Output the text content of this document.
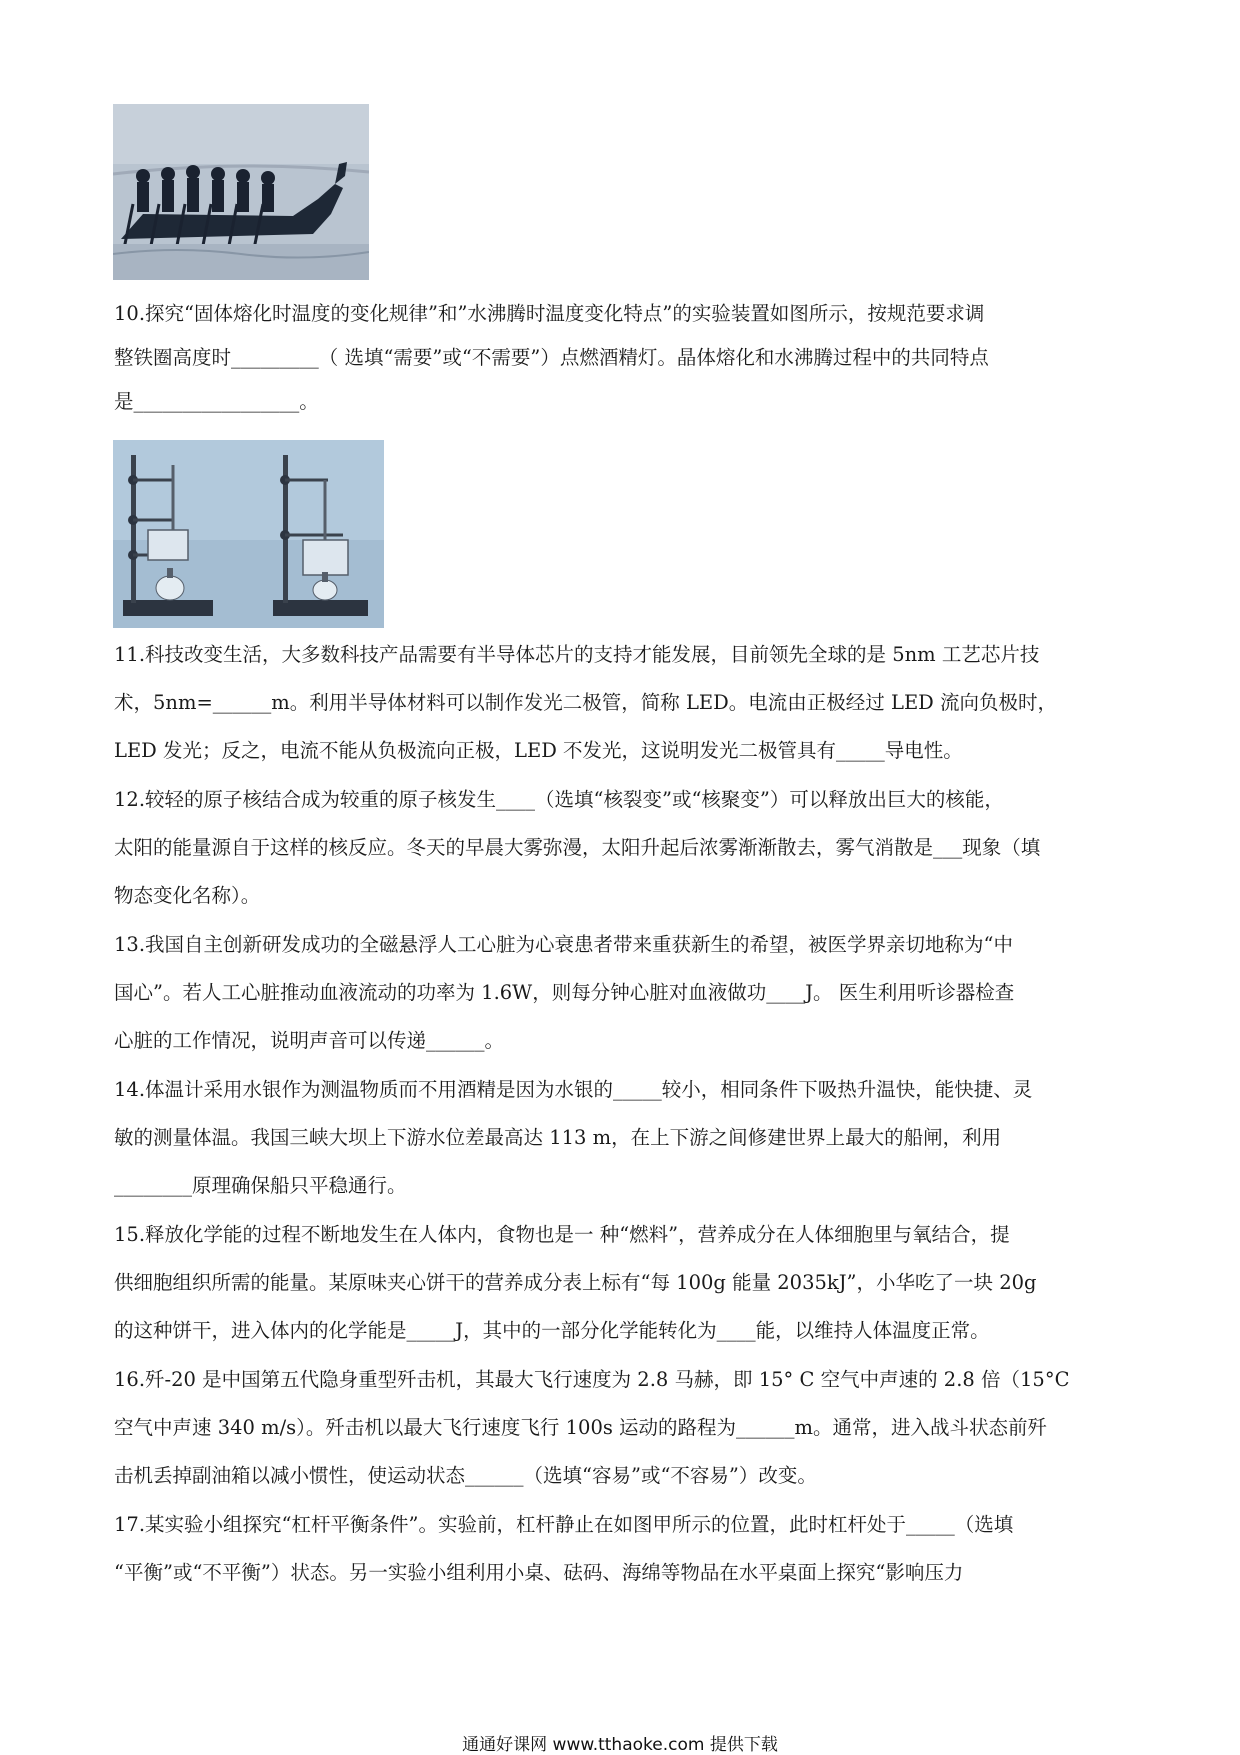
10.探究“固体熔化时温度的变化规律”和”水沸腾时温度变化特点”的实验装置如图所示，按规范要求调
整铁圈高度时_________（ 选填“需要”或“不需要”）点燃酒精灯。晶体熔化和水沸腾过程中的共同特点
是_________________。
11.科技改变生活，大多数科技产品需要有半导体芯片的支持才能发展，目前领先全球的是 5nm 工艺芯片技
术，5nm=______m。利用半导体材料可以制作发光二极管，简称 LED。电流由正极经过 LED 流向负极时，
LED 发光；反之，电流不能从负极流向正极，LED 不发光，这说明发光二极管具有_____导电性。
12.较轻的原子核结合成为较重的原子核发生____（选填“核裂变”或“核聚变”）可以释放出巨大的核能，
太阳的能量源自于这样的核反应。冬天的早晨大雾弥漫，太阳升起后浓雾渐渐散去，雾气消散是___现象（填
物态变化名称）。
13.我国自主创新研发成功的全磁悬浮人工心脏为心衰患者带来重获新生的希望，被医学界亲切地称为“中
国心”。若人工心脏推动血液流动的功率为 1.6W，则每分钟心脏对血液做功____J。 医生利用听诊器检查
心脏的工作情况，说明声音可以传递______。
14.体温计采用水银作为测温物质而不用酒精是因为水银的_____较小，相同条件下吸热升温快，能快捷、灵
敏的测量体温。我国三峡大坝上下游水位差最高达 113 m，在上下游之间修建世界上最大的船闸，利用
________原理确保船只平稳通行。
15.释放化学能的过程不断地发生在人体内，食物也是一 种“燃料”，营养成分在人体细胞里与氧结合，提
供细胞组织所需的能量。某原味夹心饼干的营养成分表上标有“每 100g 能量 2035kJ”，小华吃了一块 20g
的这种饼干，进入体内的化学能是_____J，其中的一部分化学能转化为____能，以维持人体温度正常。
16.歼-20 是中国第五代隐身重型歼击机，其最大飞行速度为 2.8 马赫，即 15° C 空气中声速的 2.8 倍（15°C
空气中声速 340 m/s）。歼击机以最大飞行速度飞行 100s 运动的路程为______m。通常，进入战斗状态前歼
击机丢掉副油箱以减小惯性，使运动状态______（选填“容易”或“不容易”）改变。
17.某实验小组探究“杠杆平衡条件”。实验前，杠杆静止在如图甲所示的位置，此时杠杆处于_____（选填
“平衡”或“不平衡”）状态。另一实验小组利用小桌、砝码、海绵等物品在水平桌面上探究“影响压力
通通好课网 www.tthaoke.com 提供下载
